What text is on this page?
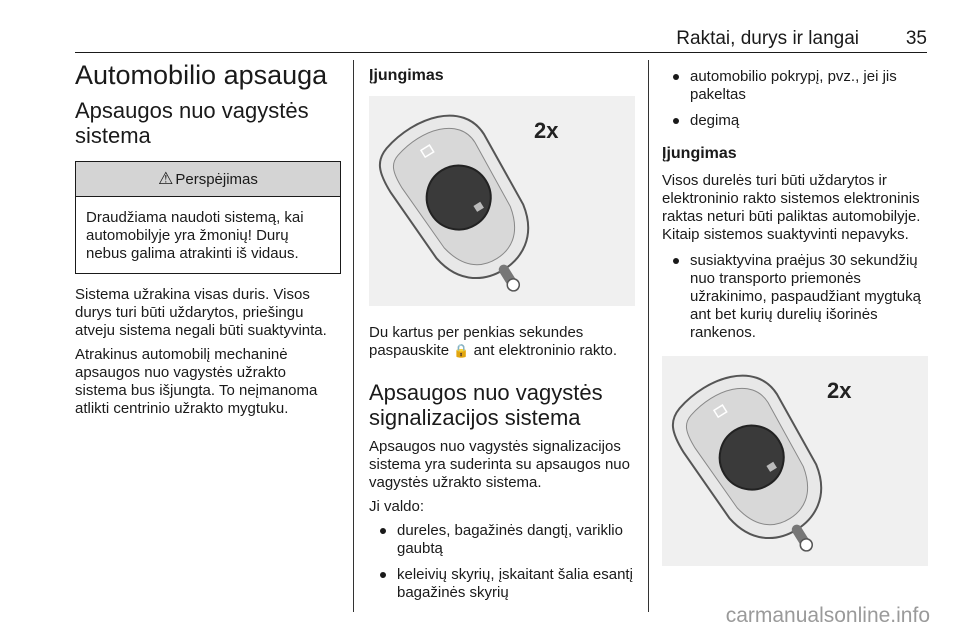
Raktai, durys ir langai 35
Automobilio apsauga
Apsaugos nuo vagystės sistema
⚠ Perspėjimas
Draudžiama naudoti sistemą, kai automobilyje yra žmonių! Durų nebus galima atrakinti iš vidaus.

Sistema užrakina visas duris. Visos durys turi būti uždarytos, priešingu atveju sistema negali būti suaktyvinta.

Atrakinus automobilį mechaninė apsaugos nuo vagystės užrakto sistema bus išjungta. To neįmanoma atlikti centrinio užrakto mygtuku.

Įjungimas
2x

Du kartus per penkias sekundes paspauskite 🔒 ant elektroninio rakto.

Apsaugos nuo vagystės signalizacijos sistema

Apsaugos nuo vagystės signalizacijos sistema yra suderinta su apsaugos nuo vagystės užrakto sistema.

Ji valdo:

dureles, bagažinės dangtį, variklio gaubtą
keleivių skyrių, įskaitant šalia esantį bagažinės skyrių
automobilio pokrypį, pvz., jei jis pakeltas
degimą
Įjungimas

Visos durelės turi būti uždarytos ir elektroninio rakto sistemos elektroninis raktas neturi būti paliktas automobilyje. Kitaip sistemos suaktyvinti nepavyks.

susiaktyvina praėjus 30 sekundžių nuo transporto priemonės užrakinimo, paspaudžiant mygtuką ant bet kurių durelių išorinės rankenos.
2x
carmanualsonline.info
